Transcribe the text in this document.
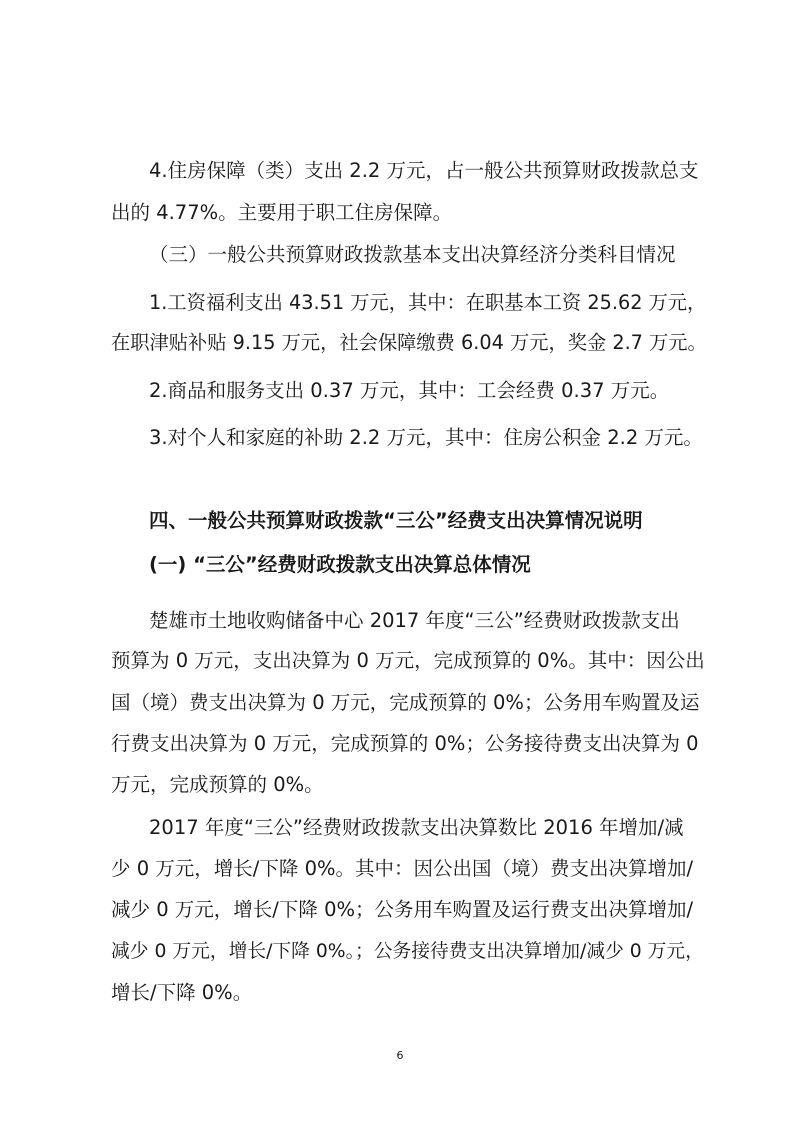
4.住房保障（类）支出 2.2 万元，占一般公共预算财政拨款总支

出的 4.77%。主要用于职工住房保障。

（三）一般公共预算财政拨款基本支出决算经济分类科目情况

1.工资福利支出 43.51 万元，其中：在职基本工资 25.62 万元，

在职津贴补贴 9.15 万元，社会保障缴费 6.04 万元，奖金 2.7 万元。

2.商品和服务支出 0.37 万元，其中：工会经费 0.37 万元。

3.对个人和家庭的补助 2.2 万元，其中：住房公积金 2.2 万元。

四、一般公共预算财政拨款“三公”经费支出决算情况说明

(一) “三公”经费财政拨款支出决算总体情况

楚雄市土地收购储备中心 2017 年度“三公”经费财政拨款支出

预算为 0 万元，支出决算为 0 万元，完成预算的 0%。其中：因公出

国（境）费支出决算为 0 万元，完成预算的 0%；公务用车购置及运

行费支出决算为 0 万元，完成预算的 0%；公务接待费支出决算为 0

万元，完成预算的 0%。

2017 年度“三公”经费财政拨款支出决算数比 2016 年增加/减

少 0 万元，增长/下降 0%。其中：因公出国（境）费支出决算增加/

减少 0 万元，增长/下降 0%；公务用车购置及运行费支出决算增加/

减少 0 万元，增长/下降 0%。；公务接待费支出决算增加/减少 0 万元，

增长/下降 0%。

6
